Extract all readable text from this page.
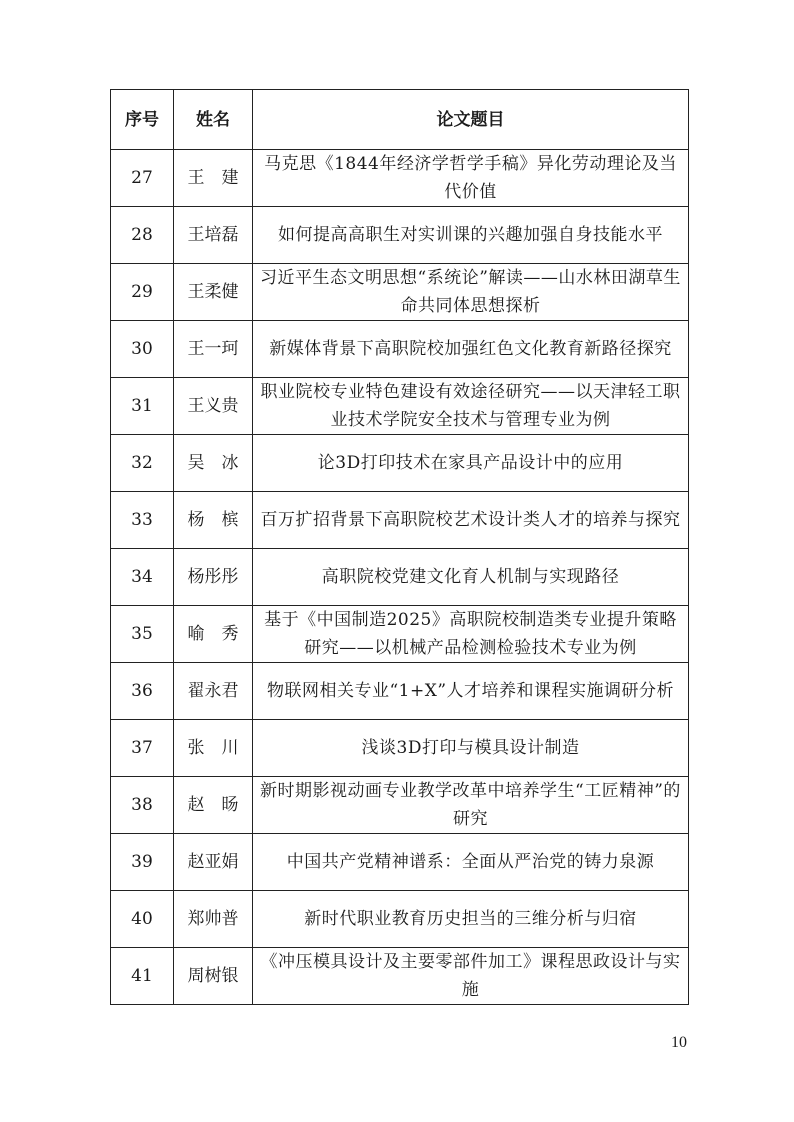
序号	姓名	论文题目
27	王　建	马克思《1844年经济学哲学手稿》异化劳动理论及当代价值
28	王培磊	如何提高高职生对实训课的兴趣加强自身技能水平
29	王柔健	习近平生态文明思想“系统论”解读——山水林田湖草生命共同体思想探析
30	王一珂	新媒体背景下高职院校加强红色文化教育新路径探究
31	王义贵	职业院校专业特色建设有效途径研究——以天津轻工职业技术学院安全技术与管理专业为例
32	吴　冰	论3D打印技术在家具产品设计中的应用
33	杨　槟	百万扩招背景下高职院校艺术设计类人才的培养与探究
34	杨彤彤	高职院校党建文化育人机制与实现路径
35	喻　秀	基于《中国制造2025》高职院校制造类专业提升策略研究——以机械产品检测检验技术专业为例
36	翟永君	物联网相关专业“1+X”人才培养和课程实施调研分析
37	张　川	浅谈3D打印与模具设计制造
38	赵　旸	新时期影视动画专业教学改革中培养学生“工匠精神”的研究
39	赵亚娟	中国共产党精神谱系：全面从严治党的铸力泉源
40	郑帅普	新时代职业教育历史担当的三维分析与归宿
41	周树银	《冲压模具设计及主要零部件加工》课程思政设计与实施
10
